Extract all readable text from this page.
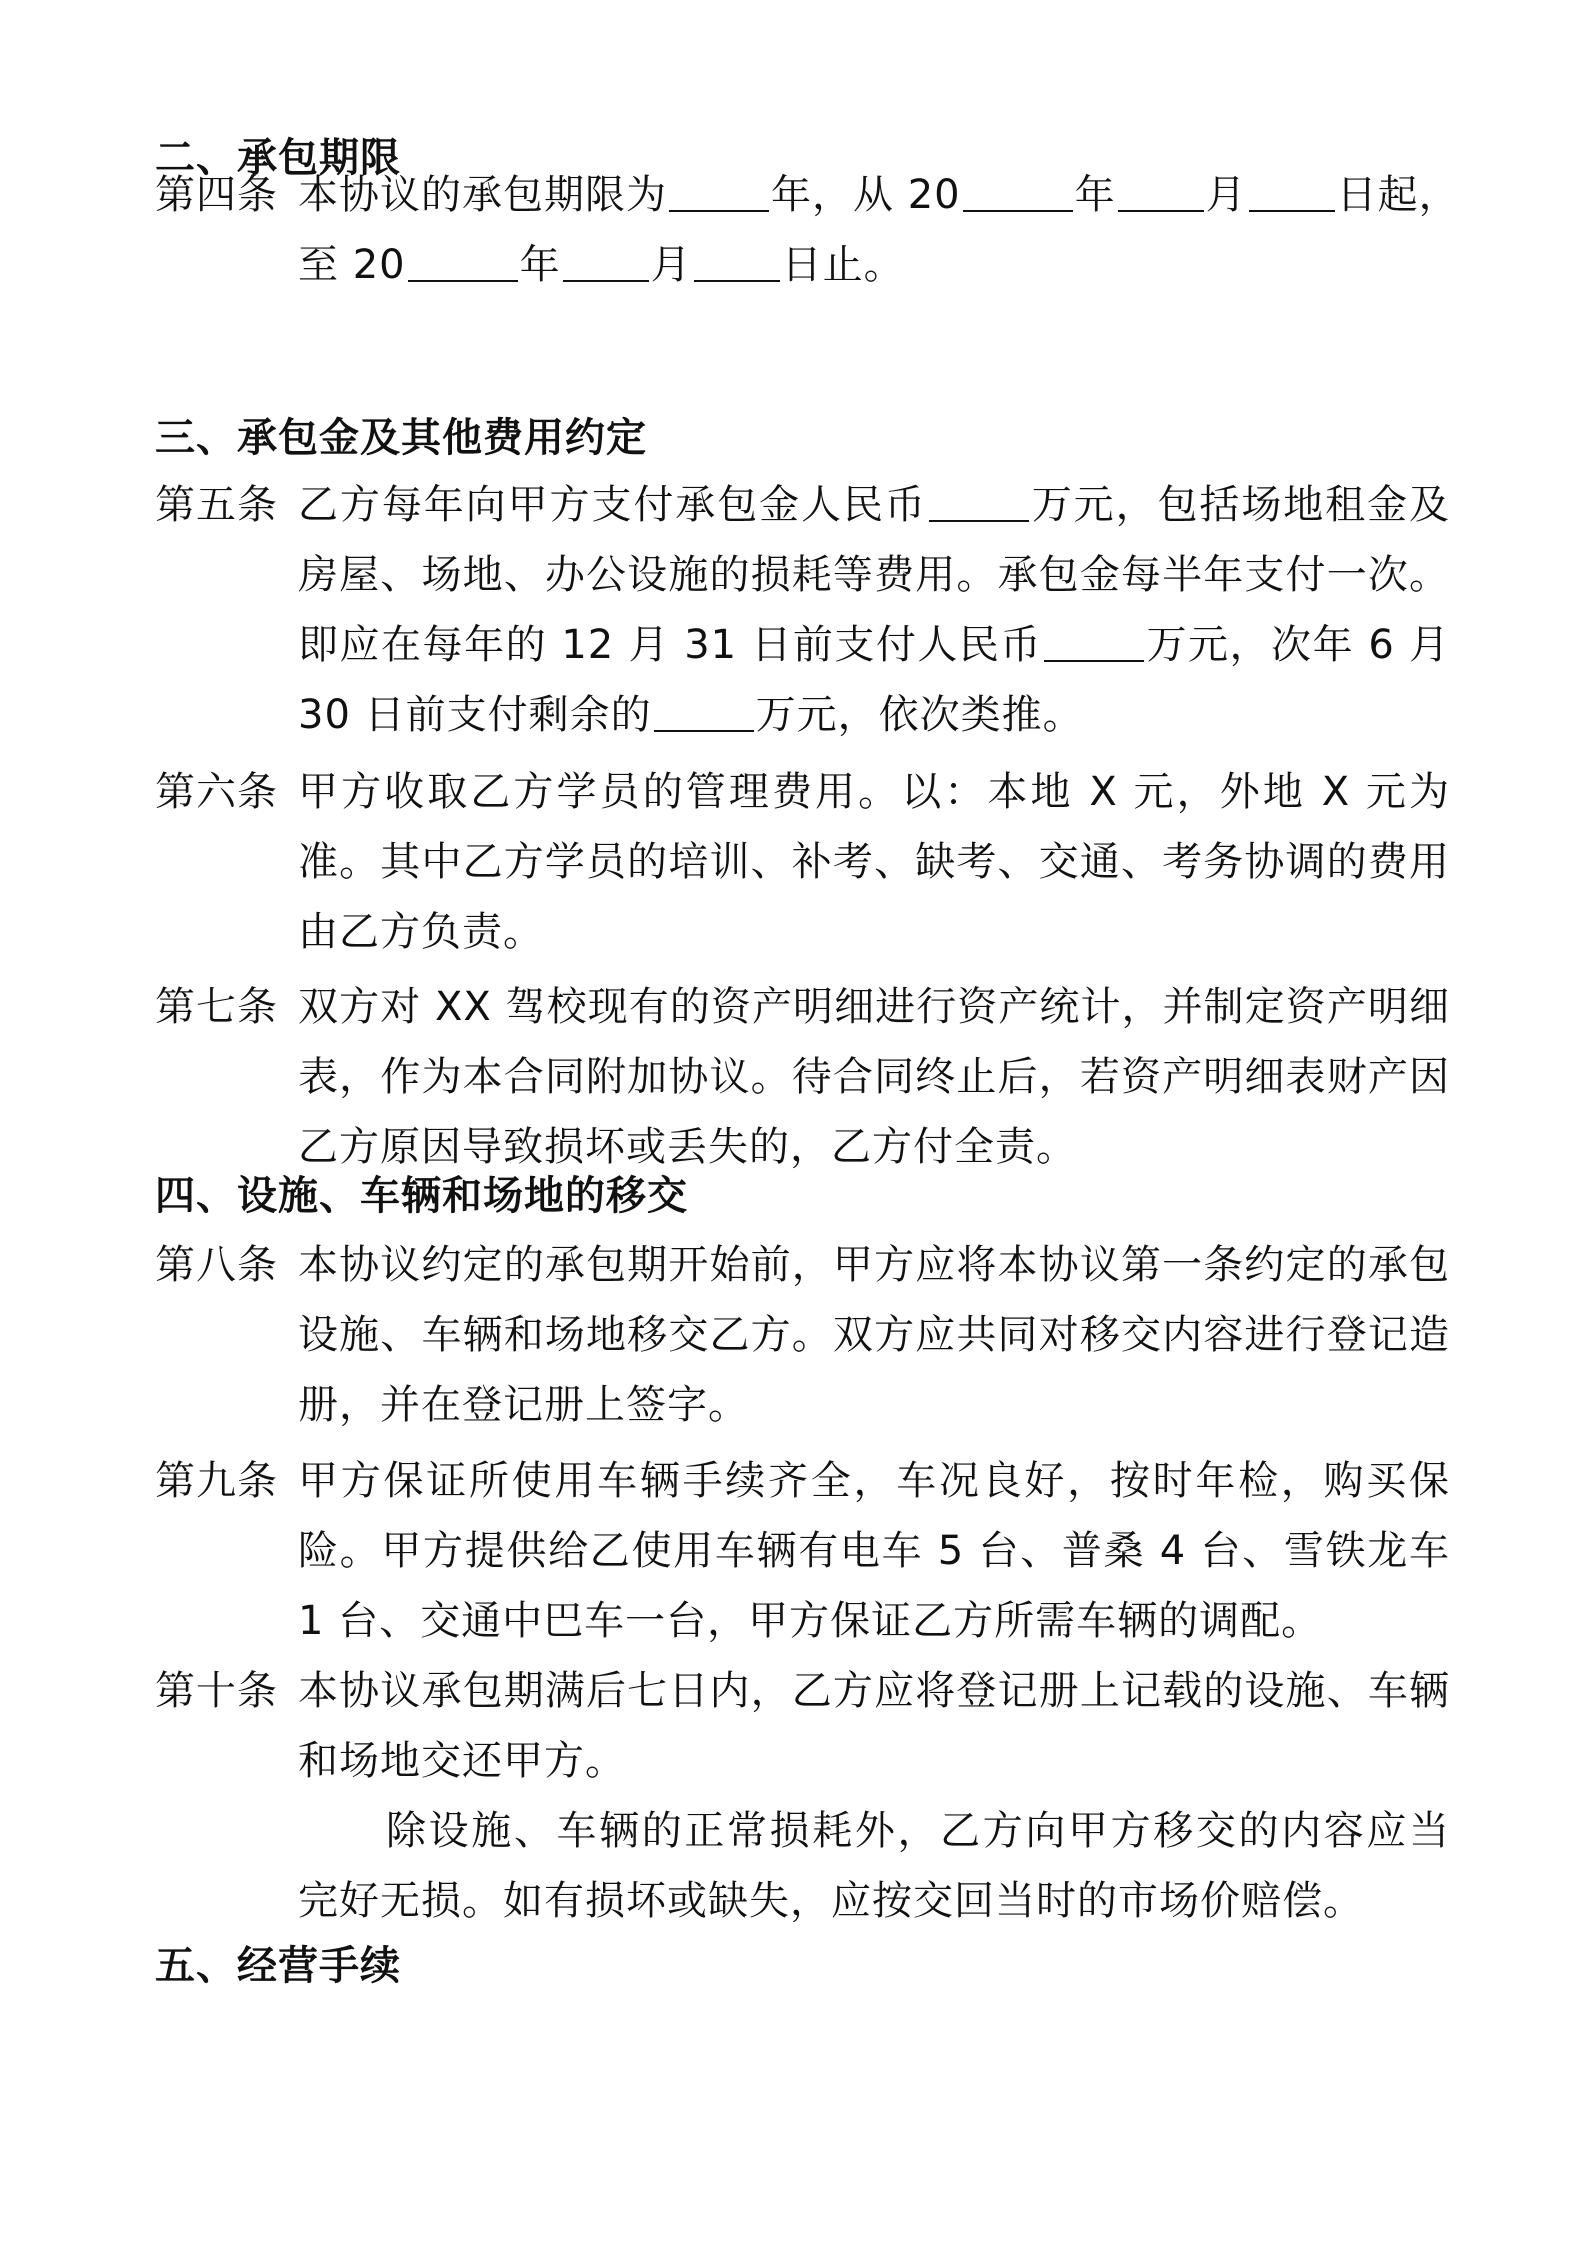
二、承包期限
第四条 本协议的承包期限为	年，从 20	年 月 日起，

至 20	年 月 日止。

三、承包金及其他费用约定
第五条 乙方每年向甲方支付承包金人民币	万元，包括场地租金及房屋、场地、办公设施的损耗等费用。承包金每半年支付一次。即应在每年的 12 月 31 日前支付人民币	万元，次年 6 月 30 日前支付剩余的	万元，依次类推。

第六条 甲方收取乙方学员的管理费用。以：本地 X 元，外地 X 元为准。其中乙方学员的培训、补考、缺考、交通、考务协调的费用由乙方负责。

第七条 双方对 XX 驾校现有的资产明细进行资产统计，并制定资产明细表，作为本合同附加协议。待合同终止后，若资产明细表财产因乙方原因导致损坏或丢失的，乙方付全责。

四、设施、车辆和场地的移交
第八条 本协议约定的承包期开始前，甲方应将本协议第一条约定的承包设施、车辆和场地移交乙方。双方应共同对移交内容进行登记造册，并在登记册上签字。

第九条 甲方保证所使用车辆手续齐全，车况良好，按时年检，购买保险。甲方提供给乙使用车辆有电车 5 台、普桑 4 台、雪铁龙车 1 台、交通中巴车一台，甲方保证乙方所需车辆的调配。

第十条 本协议承包期满后七日内，乙方应将登记册上记载的设施、车辆和场地交还甲方。

除设施、车辆的正常损耗外，乙方向甲方移交的内容应当完好无损。如有损坏或缺失，应按交回当时的市场价赔偿。

五、经营手续
